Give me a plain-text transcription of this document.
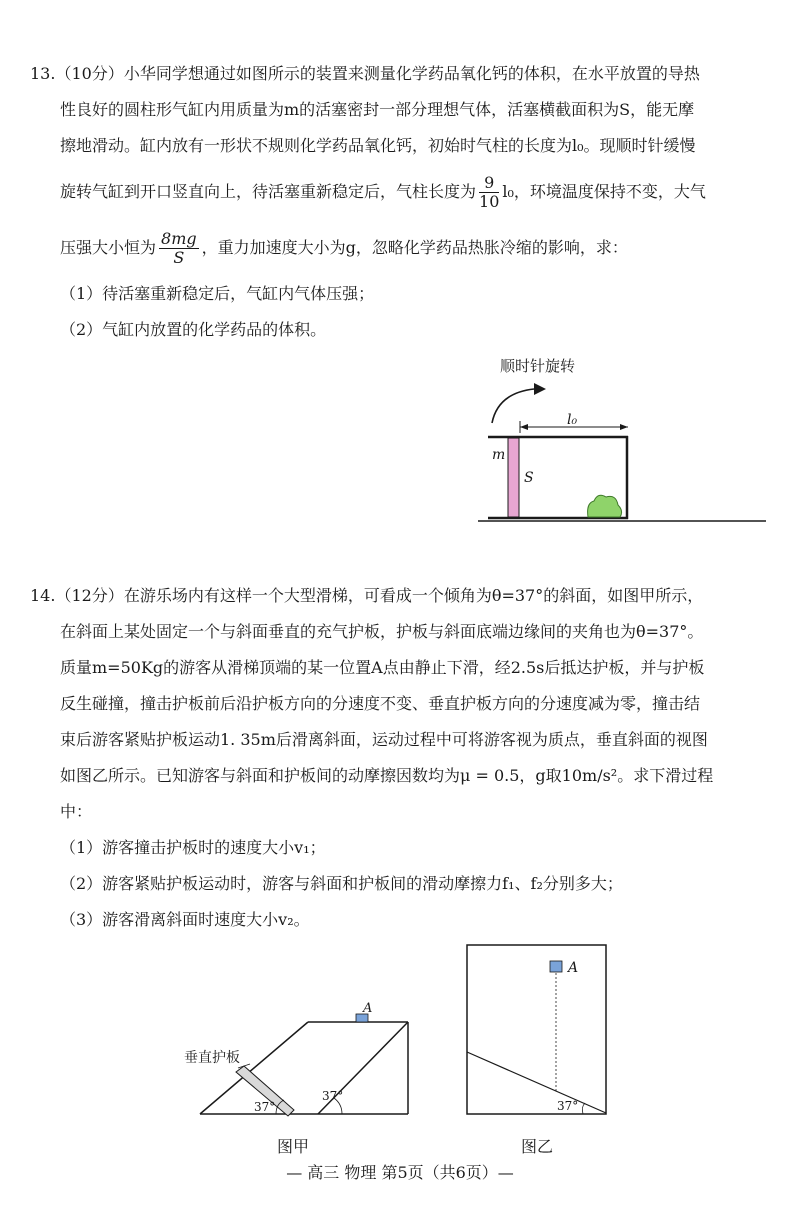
13.（10分）小华同学想通过如图所示的装置来测量化学药品氧化钙的体积，在水平放置的导热

性良好的圆柱形气缸内用质量为m的活塞密封一部分理想气体，活塞横截面积为S，能无摩

擦地滑动。缸内放有一形状不规则化学药品氧化钙，初始时气柱的长度为l₀。现顺时针缓慢

旋转气缸到开口竖直向上，待活塞重新稳定后，气柱长度为 $\frac{9}{10} l_0$，环境温度保持不变，大气

压强大小恒为 $\frac{8mg}{S}$ ，重力加速度大小为g，忽略化学药品热胀冷缩的影响，求：

（1）待活塞重新稳定后，气缸内气体压强；

（2）气缸内放置的化学药品的体积。

顺时针旋转
l₀
m
S

14.（12分）在游乐场内有这样一个大型滑梯，可看成一个倾角为θ=37°的斜面，如图甲所示，

在斜面上某处固定一个与斜面垂直的充气护板，护板与斜面底端边缘间的夹角也为θ=37°。

质量m=50Kg的游客从滑梯顶端的某一位置A点由静止下滑，经2.5s后抵达护板，并与护板

反生碰撞，撞击护板前后沿护板方向的分速度不变、垂直护板方向的分速度减为零，撞击结

束后游客紧贴护板运动1. 35m后滑离斜面，运动过程中可将游客视为质点，垂直斜面的视图

如图乙所示。已知游客与斜面和护板间的动摩擦因数均为μ = 0.5，g取10m/s²。求下滑过程

中：

（1）游客撞击护板时的速度大小v₁；

（2）游客紧贴护板运动时，游客与斜面和护板间的滑动摩擦力f₁、f₂分别多大；

（3）游客滑离斜面时速度大小v₂。

垂直护板
A
37°
37°
图甲
A
37°
图乙
— 高三 物理 第5页（共6页）—
